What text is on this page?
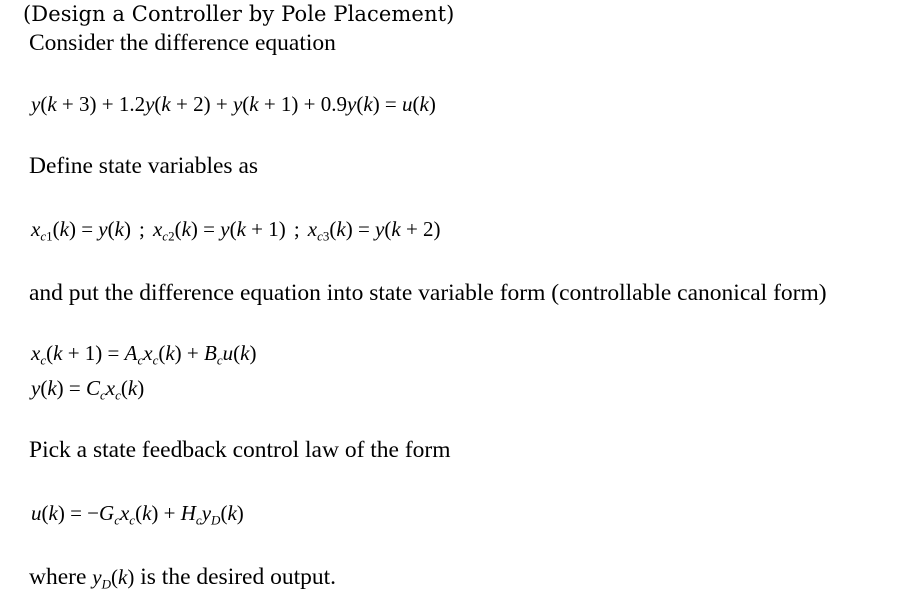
(Design a Controller by Pole Placement)
Consider the difference equation
y(k + 3) + 1.2y(k + 2) + y(k + 1) + 0.9y(k) = u(k)
Define state variables as
$x_{c1}(k) = y(k)$ ; $x_{c2}(k) = y(k + 1)$ ; $x_{c3}(k) = y(k + 2)$
and put the difference equation into state variable form (controllable canonical form)
$x_c(k + 1) = A_cx_c(k) + B_cu(k)$
$y(k) = C_cx_c(k)$
Pick a state feedback control law of the form
$u(k) = -G_cx_c(k) + H_cy_D(k)$
where $y_D(k)$ is the desired output.
